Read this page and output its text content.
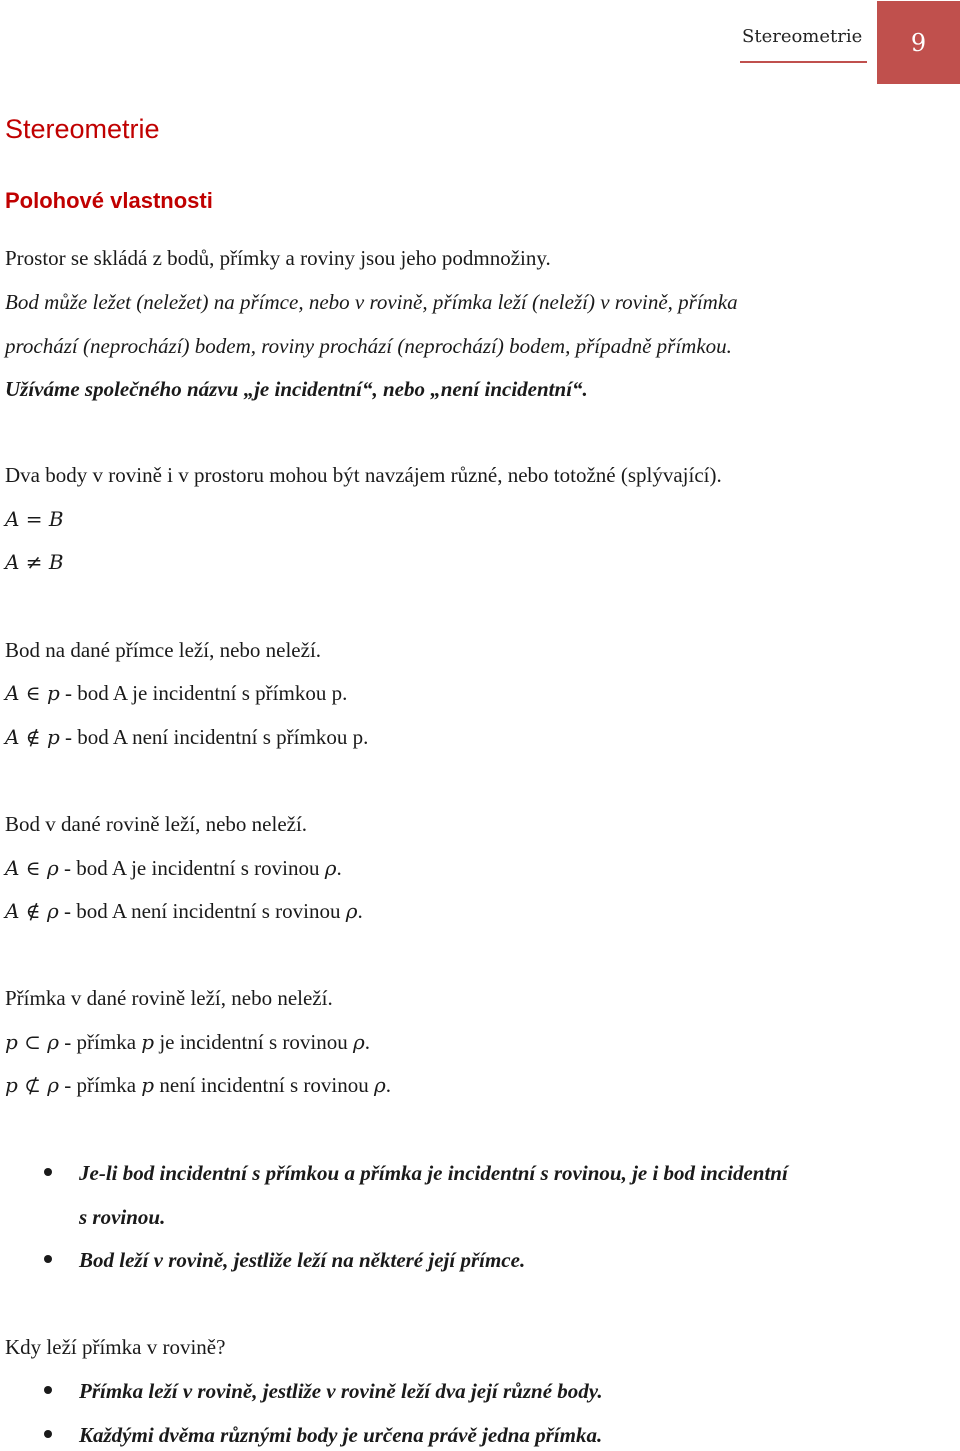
Stereometrie 9
Stereometrie
Polohové vlastnosti
Prostor se skládá z bodů, přímky a roviny jsou jeho podmnožiny.
Bod může ležet (neležet) na přímce, nebo v rovině, přímka leží (neleží) v rovině, přímka
prochází (neprochází) bodem, roviny prochází (neprochází) bodem, případně přímkou.
Užíváme společného názvu „je incidentní“, nebo „není incidentní“.
Dva body v rovině i v prostoru mohou být navzájem různé, nebo totožné (splývající).
A = B
A ≠ B
Bod na dané přímce leží, nebo neleží.
A ∈ p - bod A je incidentní s přímkou p.
A ∉ p - bod A není incidentní s přímkou p.
Bod v dané rovině leží, nebo neleží.
A ∈ ρ - bod A je incidentní s rovinou ρ.
A ∉ ρ - bod A není incidentní s rovinou ρ.
Přímka v dané rovině leží, nebo neleží.
p ⊂ ρ - přímka p je incidentní s rovinou ρ.
p ⊄ ρ - přímka p není incidentní s rovinou ρ.
Je-li bod incidentní s přímkou a přímka je incidentní s rovinou, je i bod incidentní
s rovinou.
Bod leží v rovině, jestliže leží na některé její přímce.
Kdy leží přímka v rovině?
Přímka leží v rovině, jestliže v rovině leží dva její různé body.
Každými dvěma různými body je určena právě jedna přímka.
